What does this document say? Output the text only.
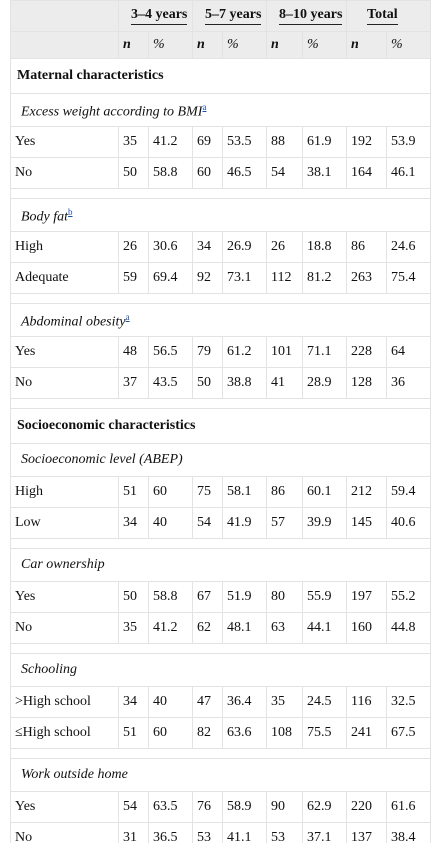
	3–4 years		5–7 years		8–10 years		Total	
	n	%	n	%	n	%	n	%
Maternal characteristics								
Excess weight according to BMI$^a$
Yes	35	41.2	69	53.5	88	61.9	192	53.9
No	50	58.8	60	46.5	54	38.1	164	46.1

Body fat$^b$
High	26	30.6	34	26.9	26	18.8	86	24.6
Adequate	59	69.4	92	73.1	112	81.2	263	75.4

Abdominal obesity$^a$
Yes	48	56.5	79	61.2	101	71.1	228	64
No	37	43.5	50	38.8	41	28.9	128	36

Socioeconomic characteristics								
Socioeconomic level (ABEP)								
High	51	60	75	58.1	86	60.1	212	59.4
Low	34	40	54	41.9	57	39.9	145	40.6

Car ownership								
Yes	50	58.8	67	51.9	80	55.9	197	55.2
No	35	41.2	62	48.1	63	44.1	160	44.8

Schooling								
>High school	34	40	47	36.4	35	24.5	116	32.5
≤High school	51	60	82	63.6	108	75.5	241	67.5

Work outside home								
Yes	54	63.5	76	58.9	90	62.9	220	61.6
No	31	36.5	53	41.1	53	37.1	137	38.4
